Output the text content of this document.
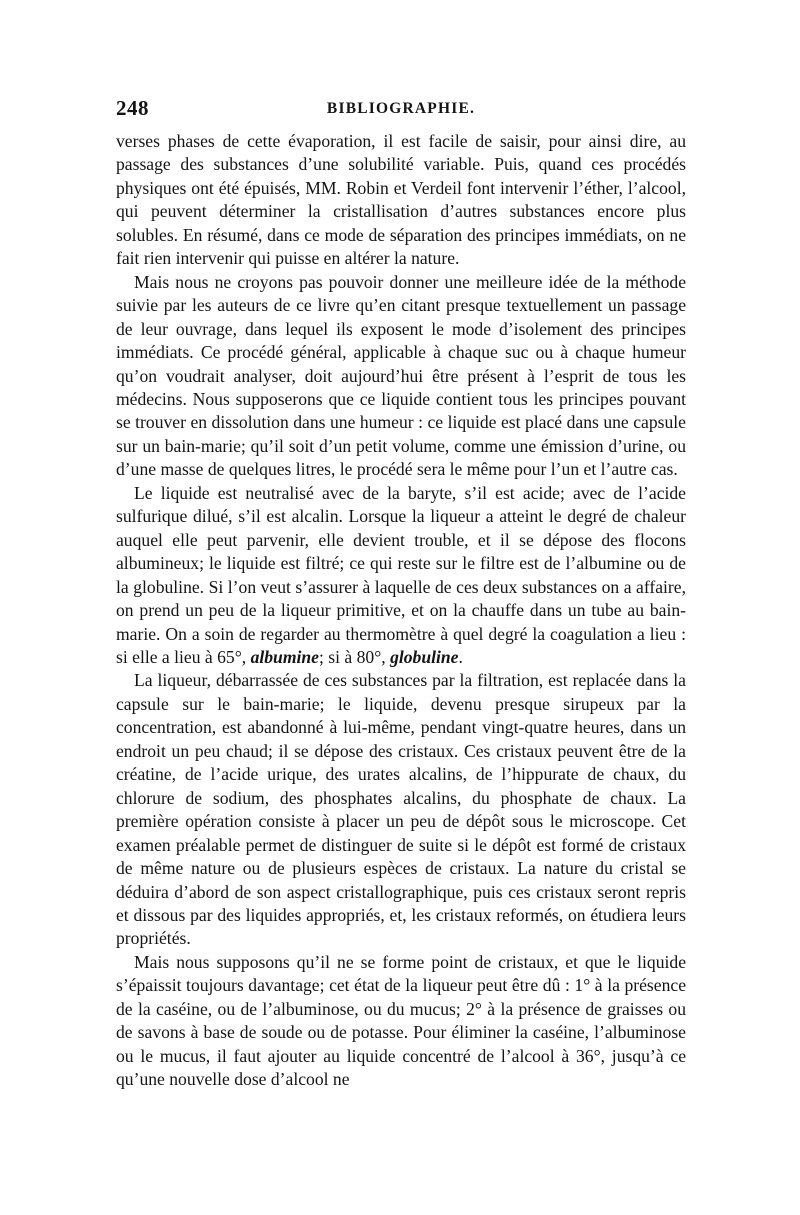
248	BIBLIOGRAPHIE.

verses phases de cette évaporation, il est facile de saisir, pour ainsi dire, au passage des substances d’une solubilité variable. Puis, quand ces procédés physiques ont été épuisés, MM. Robin et Verdeil font intervenir l’éther, l’alcool, qui peuvent déterminer la cristallisation d’autres substances encore plus solubles. En résumé, dans ce mode de séparation des principes immédiats, on ne fait rien intervenir qui puisse en altérer la nature.

Mais nous ne croyons pas pouvoir donner une meilleure idée de la méthode suivie par les auteurs de ce livre qu’en citant presque textuellement un passage de leur ouvrage, dans lequel ils exposent le mode d’isolement des principes immédiats. Ce procédé général, applicable à chaque suc ou à chaque humeur qu’on voudrait analyser, doit aujourd’hui être présent à l’esprit de tous les médecins. Nous supposerons que ce liquide contient tous les principes pouvant se trouver en dissolution dans une humeur : ce liquide est placé dans une capsule sur un bain-marie; qu’il soit d’un petit volume, comme une émission d’urine, ou d’une masse de quelques litres, le procédé sera le même pour l’un et l’autre cas.

Le liquide est neutralisé avec de la baryte, s’il est acide; avec de l’acide sulfurique dilué, s’il est alcalin. Lorsque la liqueur a atteint le degré de chaleur auquel elle peut parvenir, elle devient trouble, et il se dépose des flocons albumineux; le liquide est filtré; ce qui reste sur le filtre est de l’albumine ou de la globuline. Si l’on veut s’assurer à laquelle de ces deux substances on a affaire, on prend un peu de la liqueur primitive, et on la chauffe dans un tube au bain-marie. On a soin de regarder au thermomètre à quel degré la coagulation a lieu : si elle a lieu à 65°, albumine; si à 80°, globuline.

La liqueur, débarrassée de ces substances par la filtration, est replacée dans la capsule sur le bain-marie; le liquide, devenu presque sirupeux par la concentration, est abandonné à lui-même, pendant vingt-quatre heures, dans un endroit un peu chaud; il se dépose des cristaux. Ces cristaux peuvent être de la créatine, de l’acide urique, des urates alcalins, de l’hippurate de chaux, du chlorure de sodium, des phosphates alcalins, du phosphate de chaux. La première opération consiste à placer un peu de dépôt sous le microscope. Cet examen préalable permet de distinguer de suite si le dépôt est formé de cristaux de même nature ou de plusieurs espèces de cristaux. La nature du cristal se déduira d’abord de son aspect cristallographique, puis ces cristaux seront repris et dissous par des liquides appropriés, et, les cristaux reformés, on étudiera leurs propriétés.

Mais nous supposons qu’il ne se forme point de cristaux, et que le liquide s’épaissit toujours davantage; cet état de la liqueur peut être dû : 1° à la présence de la caséine, ou de l’albuminose, ou du mucus; 2° à la présence de graisses ou de savons à base de soude ou de potasse. Pour éliminer la caséine, l’albuminose ou le mucus, il faut ajouter au liquide concentré de l’alcool à 36°, jusqu’à ce qu’une nouvelle dose d’alcool ne
